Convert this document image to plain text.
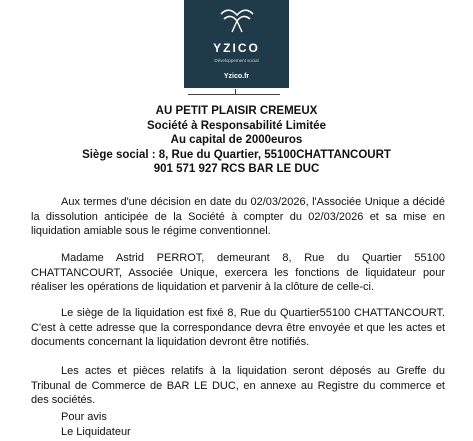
YZICO
Développement social
Yzico.fr
AU PETIT PLAISIR CREMEUX
Société à Responsabilité Limitée
Au capital de 2000euros
Siège social : 8, Rue du Quartier, 55100CHATTANCOURT
901 571 927 RCS BAR LE DUC

Aux termes d'une décision en date du 02/03/2026, l'Associée Unique a décidé la dissolution anticipée de la Société à compter du 02/03/2026 et sa mise en liquidation amiable sous le régime conventionnel.

Madame Astrid PERROT, demeurant 8, Rue du Quartier 55100 CHATTANCOURT, Associée Unique, exercera les fonctions de liquidateur pour réaliser les opérations de liquidation et parvenir à la clôture de celle-ci.

Le siège de la liquidation est fixé 8, Rue du Quartier55100 CHATTANCOURT. C'est à cette adresse que la correspondance devra être envoyée et que les actes et documents concernant la liquidation devront être notifiés.

Les actes et pièces relatifs à la liquidation seront déposés au Greffe du Tribunal de Commerce de BAR LE DUC, en annexe au Registre du commerce et des sociétés.

Pour avis
Le Liquidateur
